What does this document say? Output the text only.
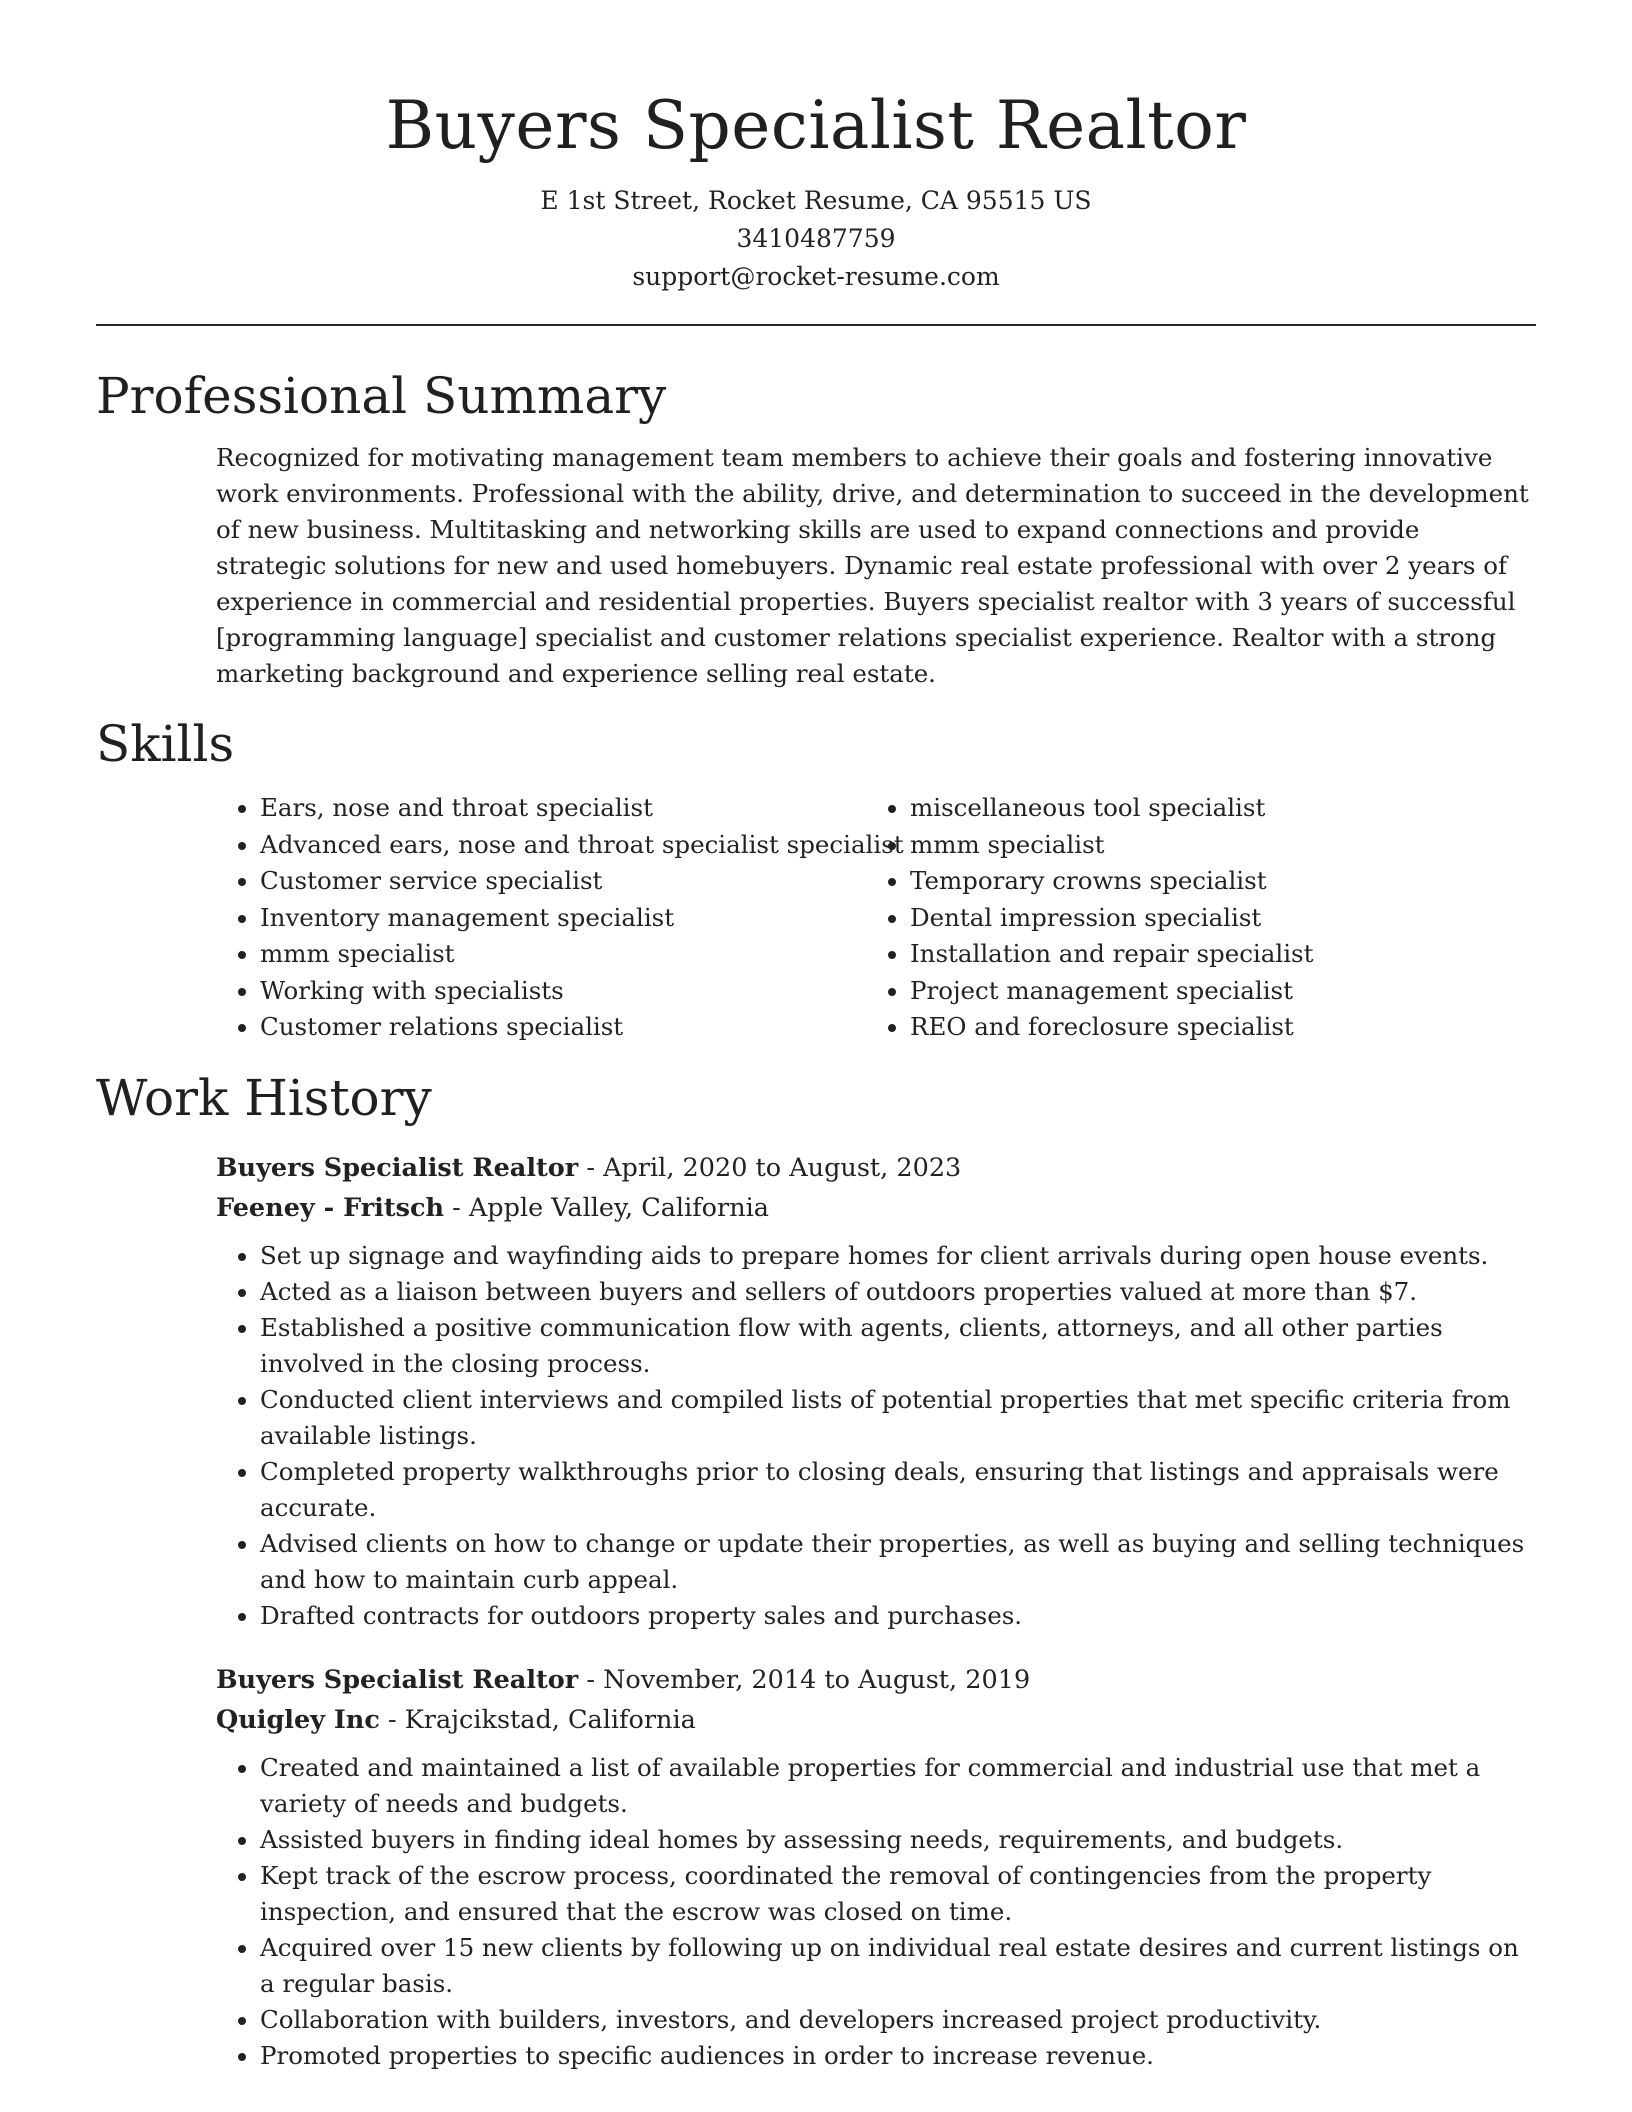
Buyers Specialist Realtor
E 1st Street, Rocket Resume, CA 95515 US
3410487759
support@rocket-resume.com
Professional Summary

Recognized for motivating management team members to achieve their goals and fostering innovative work environments. Professional with the ability, drive, and determination to succeed in the development of new business. Multitasking and networking skills are used to expand connections and provide strategic solutions for new and used homebuyers. Dynamic real estate professional with over 2 years of experience in commercial and residential properties. Buyers specialist realtor with 3 years of successful [programming language] specialist and customer relations specialist experience. Realtor with a strong marketing background and experience selling real estate.

Skills
• Ears, nose and throat specialist
• Advanced ears, nose and throat specialist specialist
• Customer service specialist
• Inventory management specialist
• mmm specialist
• Working with specialists
• Customer relations specialist
• miscellaneous tool specialist
• mmm specialist
• Temporary crowns specialist
• Dental impression specialist
• Installation and repair specialist
• Project management specialist
• REO and foreclosure specialist
Work History
Buyers Specialist Realtor - April, 2020 to August, 2023
Feeney - Fritsch - Apple Valley, California
• Set up signage and wayfinding aids to prepare homes for client arrivals during open house events.
• Acted as a liaison between buyers and sellers of outdoors properties valued at more than $7.
• Established a positive communication flow with agents, clients, attorneys, and all other parties involved in the closing process.
• Conducted client interviews and compiled lists of potential properties that met specific criteria from available listings.
• Completed property walkthroughs prior to closing deals, ensuring that listings and appraisals were accurate.
• Advised clients on how to change or update their properties, as well as buying and selling techniques and how to maintain curb appeal.
• Drafted contracts for outdoors property sales and purchases.
Buyers Specialist Realtor - November, 2014 to August, 2019
Quigley Inc - Krajcikstad, California
• Created and maintained a list of available properties for commercial and industrial use that met a variety of needs and budgets.
• Assisted buyers in finding ideal homes by assessing needs, requirements, and budgets.
• Kept track of the escrow process, coordinated the removal of contingencies from the property inspection, and ensured that the escrow was closed on time.
• Acquired over 15 new clients by following up on individual real estate desires and current listings on a regular basis.
• Collaboration with builders, investors, and developers increased project productivity.
• Promoted properties to specific audiences in order to increase revenue.
